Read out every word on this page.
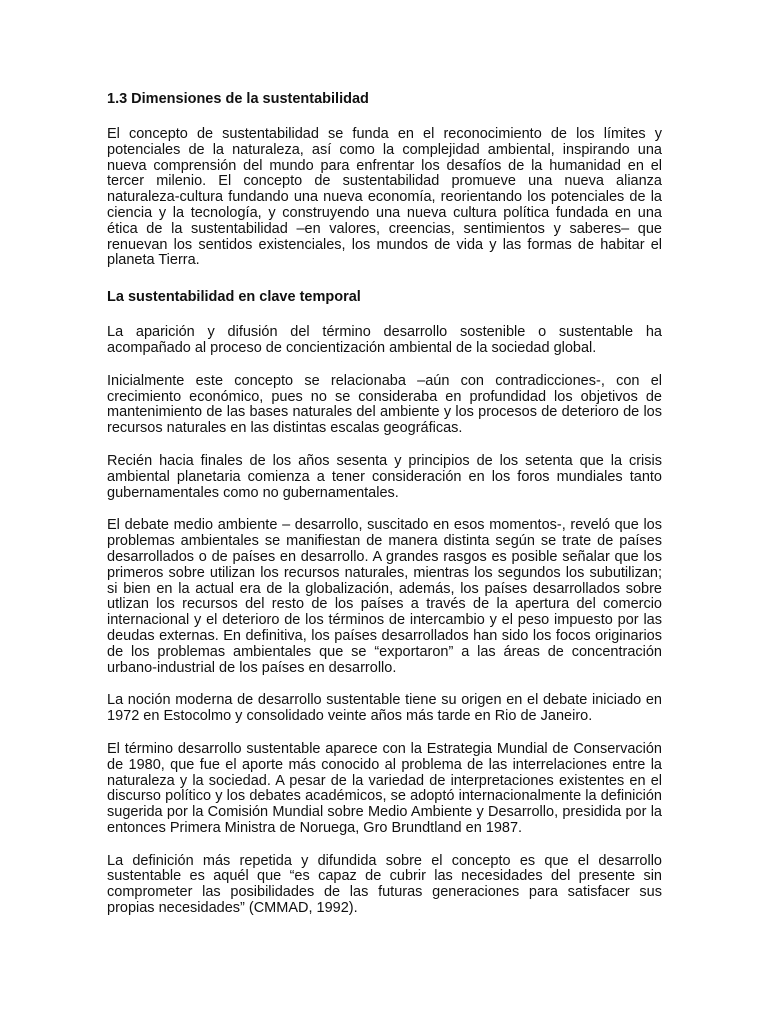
1.3 Dimensiones de la sustentabilidad

El concepto de sustentabilidad se funda en el reconocimiento de los límites y potenciales de la naturaleza, así como la complejidad ambiental, inspirando una nueva comprensión del mundo para enfrentar los desafíos de la humanidad en el tercer milenio. El concepto de sustentabilidad promueve una nueva alianza naturaleza-cultura fundando una nueva economía, reorientando los potenciales de la ciencia y la tecnología, y construyendo una nueva cultura política fundada en una ética de la sustentabilidad –en valores, creencias, sentimientos y saberes– que renuevan los sentidos existenciales, los mundos de vida y las formas de habitar el planeta Tierra.

La sustentabilidad en clave temporal

La aparición y difusión del término desarrollo sostenible o sustentable ha acompañado al proceso de concientización ambiental de la sociedad global.

Inicialmente este concepto se relacionaba –aún con contradicciones-, con el crecimiento económico, pues no se consideraba en profundidad los objetivos de mantenimiento de las bases naturales del ambiente y los procesos de deterioro de los recursos naturales en las distintas escalas geográficas.

Recién hacia finales de los años sesenta y principios de los setenta que la crisis ambiental planetaria comienza a tener consideración en los foros mundiales tanto gubernamentales como no gubernamentales.

El debate medio ambiente – desarrollo, suscitado en esos momentos-, reveló que los problemas ambientales se manifiestan de manera distinta según se trate de países desarrollados o de países en desarrollo. A grandes rasgos es posible señalar que los primeros sobre utilizan los recursos naturales, mientras los segundos los subutilizan; si bien en la actual era de la globalización, además, los países desarrollados sobre utlizan los recursos del resto de los países a través de la apertura del comercio internacional y el deterioro de los términos de intercambio y el peso impuesto por las deudas externas. En definitiva, los países desarrollados han sido los focos originarios de los problemas ambientales que se “exportaron” a las áreas de concentración urbano-industrial de los países en desarrollo.

La noción moderna de desarrollo sustentable tiene su origen en el debate iniciado en 1972 en Estocolmo y consolidado veinte años más tarde en Rio de Janeiro.

El término desarrollo sustentable aparece con la Estrategia Mundial de Conservación de 1980, que fue el aporte más conocido al problema de las interrelaciones entre la naturaleza y la sociedad. A pesar de la variedad de interpretaciones existentes en el discurso político y los debates académicos, se adoptó internacionalmente la definición sugerida por la Comisión Mundial sobre Medio Ambiente y Desarrollo, presidida por la entonces Primera Ministra de Noruega, Gro Brundtland en 1987.

La definición más repetida y difundida sobre el concepto es que el desarrollo sustentable es aquél que “es capaz de cubrir las necesidades del presente sin comprometer las posibilidades de las futuras generaciones para satisfacer sus propias necesidades” (CMMAD, 1992).
